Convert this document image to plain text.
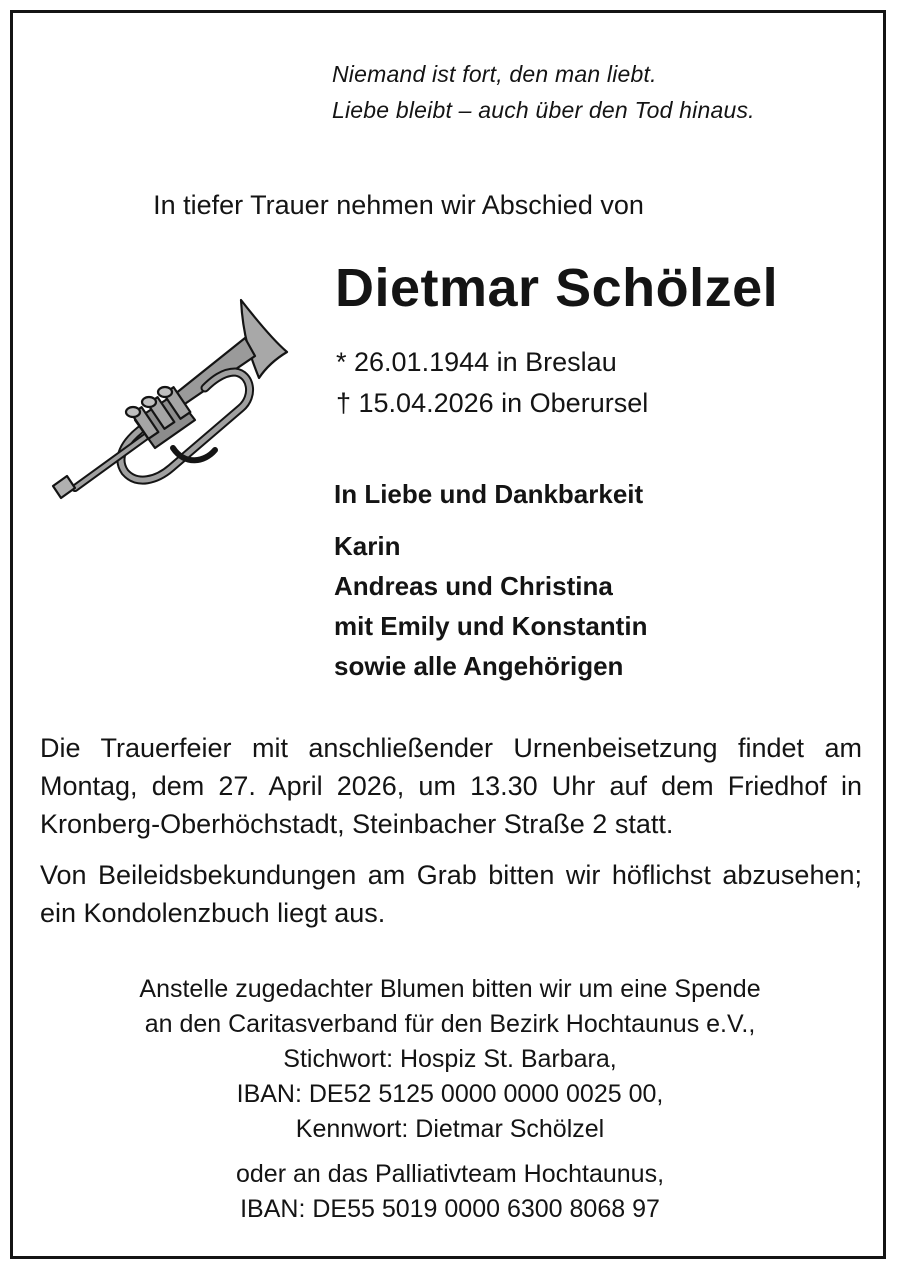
Niemand ist fort, den man liebt.
Liebe bleibt – auch über den Tod hinaus.
In tiefer Trauer nehmen wir Abschied von
Dietmar Schölzel
* 26.01.1944 in Breslau
† 15.04.2026 in Oberursel
In Liebe und Dankbarkeit
Karin
Andreas und Christina
mit Emily und Konstantin
sowie alle Angehörigen
Die Trauerfeier mit anschließender Urnenbeisetzung findet am Montag, dem 27. April 2026, um 13.30 Uhr auf dem Friedhof in Kronberg-Oberhöchstadt, Steinbacher Straße 2 statt.
Von Beileidsbekundungen am Grab bitten wir höflichst abzusehen; ein Kondolenzbuch liegt aus.
Anstelle zugedachter Blumen bitten wir um eine Spende
an den Caritasverband für den Bezirk Hochtaunus e.V.,
Stichwort: Hospiz St. Barbara,
IBAN: DE52 5125 0000 0000 0025 00,
Kennwort: Dietmar Schölzel
oder an das Palliativteam Hochtaunus,
IBAN: DE55 5019 0000 6300 8068 97
